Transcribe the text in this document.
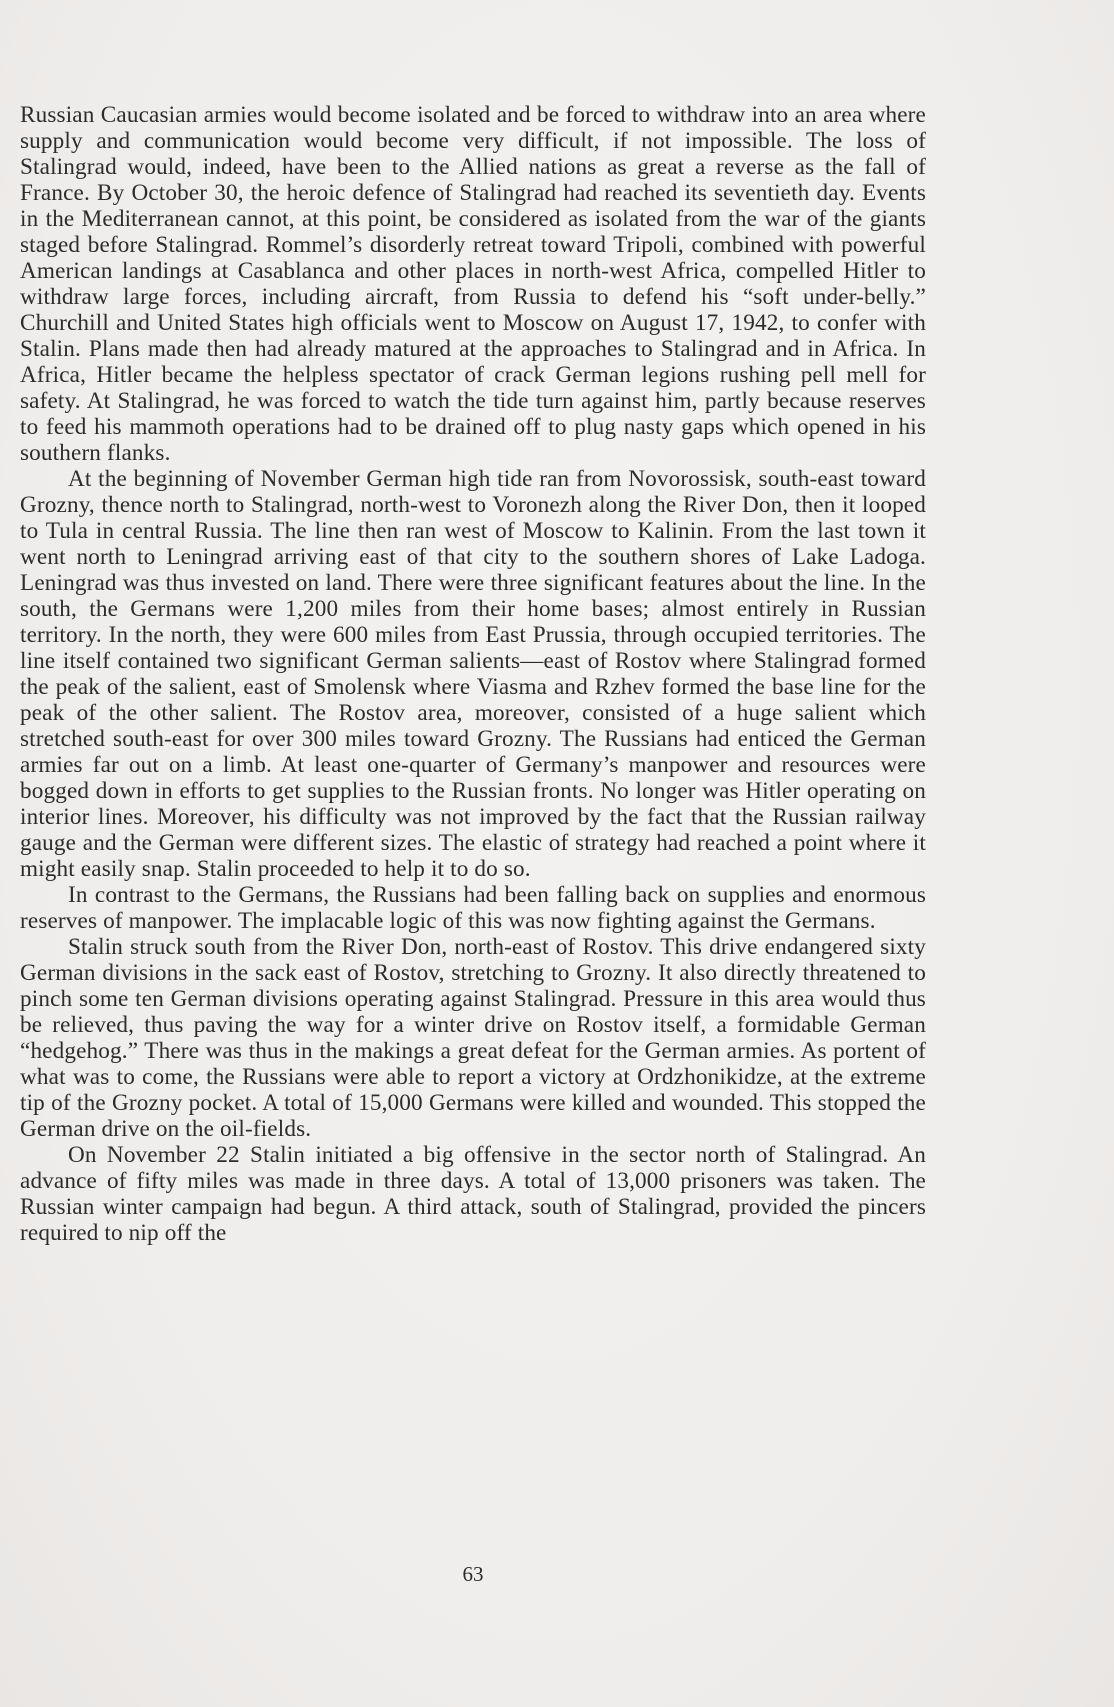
Russian Caucasian armies would become isolated and be forced to withdraw into an area where supply and communication would become very difficult, if not impossible. The loss of Stalingrad would, indeed, have been to the Allied nations as great a reverse as the fall of France. By October 30, the heroic defence of Stalingrad had reached its seventieth day. Events in the Mediterranean cannot, at this point, be considered as isolated from the war of the giants staged before Stalingrad. Rommel’s disorderly retreat toward Tripoli, combined with powerful American landings at Casablanca and other places in north-west Africa, compelled Hitler to withdraw large forces, including aircraft, from Russia to defend his “soft under-belly.” Churchill and United States high officials went to Moscow on August 17, 1942, to confer with Stalin. Plans made then had already matured at the approaches to Stalingrad and in Africa. In Africa, Hitler became the helpless spectator of crack German legions rushing pell mell for safety. At Stalingrad, he was forced to watch the tide turn against him, partly because reserves to feed his mammoth operations had to be drained off to plug nasty gaps which opened in his southern flanks.

At the beginning of November German high tide ran from Novorossisk, south-east toward Grozny, thence north to Stalingrad, north-west to Voronezh along the River Don, then it looped to Tula in central Russia. The line then ran west of Moscow to Kalinin. From the last town it went north to Leningrad arriving east of that city to the southern shores of Lake Ladoga. Leningrad was thus invested on land. There were three significant features about the line. In the south, the Germans were 1,200 miles from their home bases; almost entirely in Russian territory. In the north, they were 600 miles from East Prussia, through occupied territories. The line itself contained two significant German salients—east of Rostov where Stalingrad formed the peak of the salient, east of Smolensk where Viasma and Rzhev formed the base line for the peak of the other salient. The Rostov area, moreover, consisted of a huge salient which stretched south-east for over 300 miles toward Grozny. The Russians had enticed the German armies far out on a limb. At least one-quarter of Germany’s manpower and resources were bogged down in efforts to get supplies to the Russian fronts. No longer was Hitler operating on interior lines. Moreover, his difficulty was not improved by the fact that the Russian railway gauge and the German were different sizes. The elastic of strategy had reached a point where it might easily snap. Stalin proceeded to help it to do so.

In contrast to the Germans, the Russians had been falling back on supplies and enormous reserves of manpower. The implacable logic of this was now fighting against the Germans.

Stalin struck south from the River Don, north-east of Rostov. This drive endangered sixty German divisions in the sack east of Rostov, stretching to Grozny. It also directly threatened to pinch some ten German divisions operating against Stalingrad. Pressure in this area would thus be relieved, thus paving the way for a winter drive on Rostov itself, a formidable German “hedgehog.” There was thus in the makings a great defeat for the German armies. As portent of what was to come, the Russians were able to report a victory at Ordzhonikidze, at the extreme tip of the Grozny pocket. A total of 15,000 Germans were killed and wounded. This stopped the German drive on the oil-fields.

On November 22 Stalin initiated a big offensive in the sector north of Stalingrad. An advance of fifty miles was made in three days. A total of 13,000 prisoners was taken. The Russian winter campaign had begun. A third attack, south of Stalingrad, provided the pincers required to nip off the

63
